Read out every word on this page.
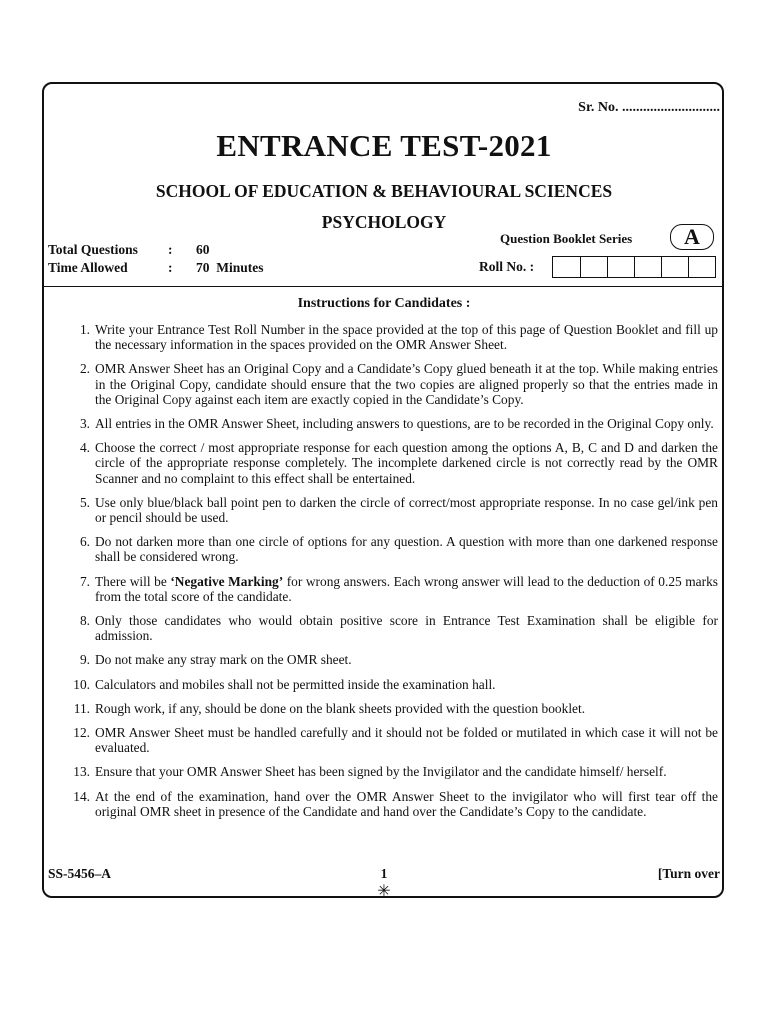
Sr. No. ............................
ENTRANCE TEST-2021
SCHOOL OF EDUCATION & BEHAVIOURAL SCIENCES
PSYCHOLOGY
Total Questions : 60
Time Allowed	: 70  Minutes
Question Booklet Series	A
Roll No. :
Instructions for Candidates :
1. Write your Entrance Test Roll Number in the space provided at the top of this page of Question Booklet and fill up the necessary information in the spaces provided on the OMR Answer Sheet.
2. OMR Answer Sheet has an Original Copy and a Candidate’s Copy glued beneath it at the top. While making entries in the Original Copy, candidate should ensure that the two copies are aligned properly so that the entries made in the Original Copy against each item are exactly copied in the Candidate’s Copy.
3. All entries in the OMR Answer Sheet, including answers to questions, are to be recorded in the Original Copy only.
4. Choose the correct / most appropriate response for each question among the options A, B, C and D and darken the circle of the appropriate response completely. The incomplete darkened circle is not correctly read by the OMR Scanner and no complaint to this effect shall be entertained.
5. Use only blue/black ball point pen to darken the circle of correct/most appropriate response. In no case gel/ink pen or pencil should be used.
6. Do not darken more than one circle of options for any question. A question with more than one darkened response shall be considered wrong.
7. There will be ‘Negative Marking’ for wrong answers. Each wrong answer will lead to the deduction of 0.25 marks from the total score of the candidate.
8. Only those candidates who would obtain positive score in Entrance Test Examination shall be eligible for admission.
9. Do not make any stray mark on the OMR sheet.
10. Calculators and mobiles shall not be permitted inside the examination hall.
11. Rough work, if any, should be done on the blank sheets provided with the question booklet.
12. OMR Answer Sheet must be handled carefully and it should not be folded or mutilated in which case it will not be evaluated.
13. Ensure that your OMR Answer Sheet has been signed by the Invigilator and the candidate himself/ herself.
14. At the end of the examination, hand over the OMR Answer Sheet to the invigilator who will first tear off the original OMR sheet in presence of the Candidate and hand over the Candidate’s Copy to the candidate.
SS-5456–A	1	[Turn over
✳
